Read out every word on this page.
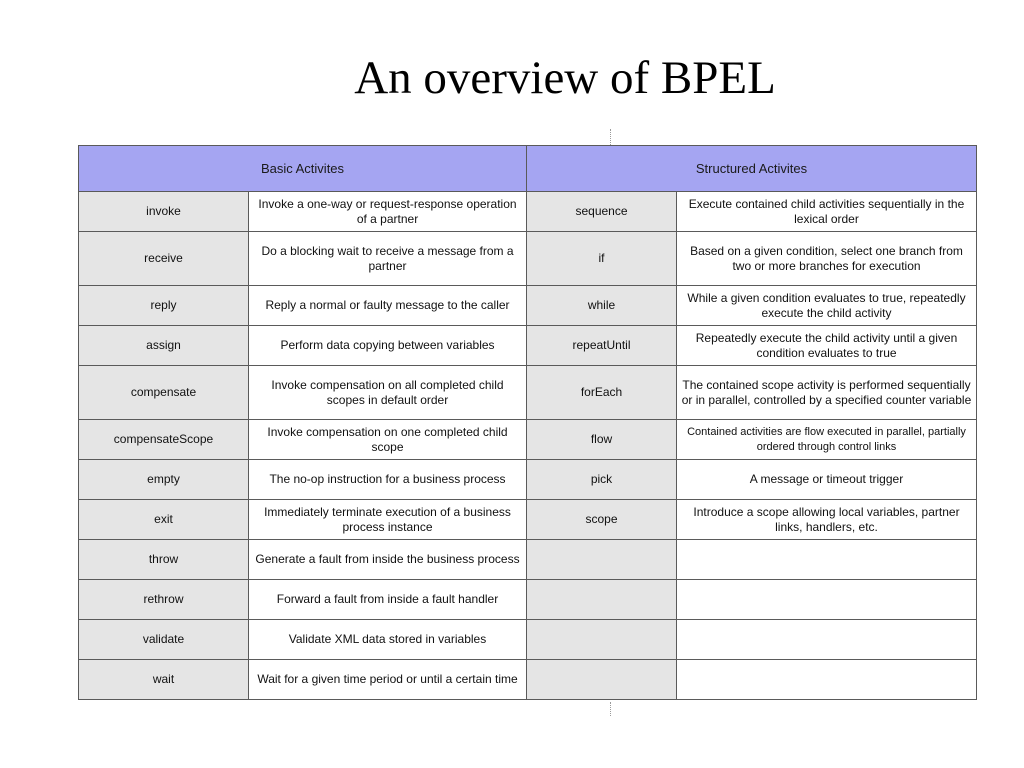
An overview of BPEL
Basic Activites		Structured Activites	
invoke	Invoke a one-way or request-response operation of a partner	sequence	Execute contained child activities sequentially in the lexical order
receive	Do a blocking wait to receive a message from a partner	if	Based on a given condition, select one branch from two or more branches for execution
reply	Reply a normal or faulty message to the caller	while	While a given condition evaluates to true, repeatedly execute the child activity
assign	Perform data copying between variables	repeatUntil	Repeatedly execute the child activity until a given condition evaluates to true
compensate	Invoke compensation on all completed child scopes in default order	forEach	The contained scope activity is performed sequentially or in parallel, controlled by a specified counter variable
compensateScope	Invoke compensation on one completed child scope	flow	Contained activities are flow executed in parallel, partially ordered through control links
empty	The no-op instruction for a business process	pick	A message or timeout trigger
exit	Immediately terminate execution of a business process instance	scope	Introduce a scope allowing local variables, partner links, handlers, etc.
throw	Generate a fault from inside the business process		
rethrow	Forward a fault from inside a fault handler		
validate	Validate XML data stored in variables		
wait	Wait for a given time period or until a certain time		
